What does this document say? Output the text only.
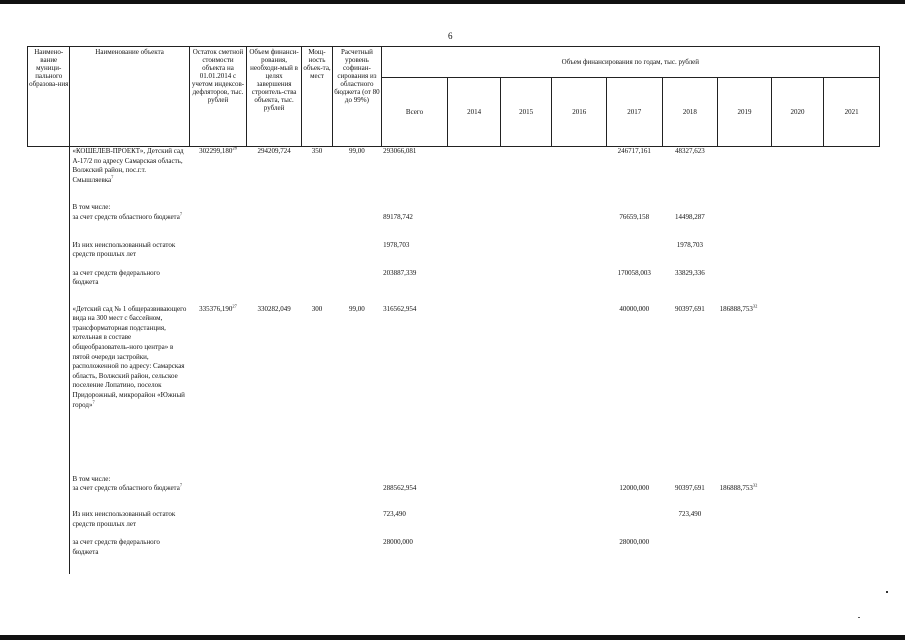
6
Наимено-вание муници-пального образова-ния	Наименование объекта	Остаток сметной стоимости объекта на 01.01.2014 с учетом индексов-дефляторов, тыс. рублей	Объем финанси-рования, необходи-мый в целях завершения строитель-ства объекта, тыс. рублей	Мощ-ность объек-та, мест	Расчетный уровень софинан-сирования из областного бюджета (от 80 до 99%)	Объем финансирования по годам, тыс. рублей								
						Всего	2014	2015	2016	2017	2018	2019	2020	2021

	«КОШЕЛЕВ-ПРОЕКТ», Детский сад А-17/2 по адресу Самарская область, Волжский район, пос.г.т. Смышляевка$^7$	302299,180$^{28}$	294209,724	350	99,00	293066,081				246717,161	48327,623			
	В том числе:													
	за счет средств областного бюджета$^7$					89178,742				76659,158	14498,287			
	Из них неиспользованный остаток средств прошлых лет					1978,703					1978,703			
	за счет средств федерального бюджета					203887,339				170058,003	33829,336			
	«Детский сад № 1 общеразвивающего вида на 300 мест с бассейном, трансформаторная подстанция, котельная в составе общеобразователь-ного центра» в пятой очереди застройки, расположенной по адресу: Самарская область, Волжский район, сельское поселение Лопатино, поселок Придорожный, микрорайон «Южный город»$^7$	335376,190$^{27}$	330282,049	300	99,00	316562,954				40000,000	90397,691	186888,753$^{32}$		
	В том числе:													
	за счет средств областного бюджета$^7$					288562,954				12000,000	90397,691	186888,753$^{32}$		
	Из них неиспользованный остаток средств прошлых лет					723,490					723,490			
	за счет средств федерального бюджета					28000,000				28000,000				
